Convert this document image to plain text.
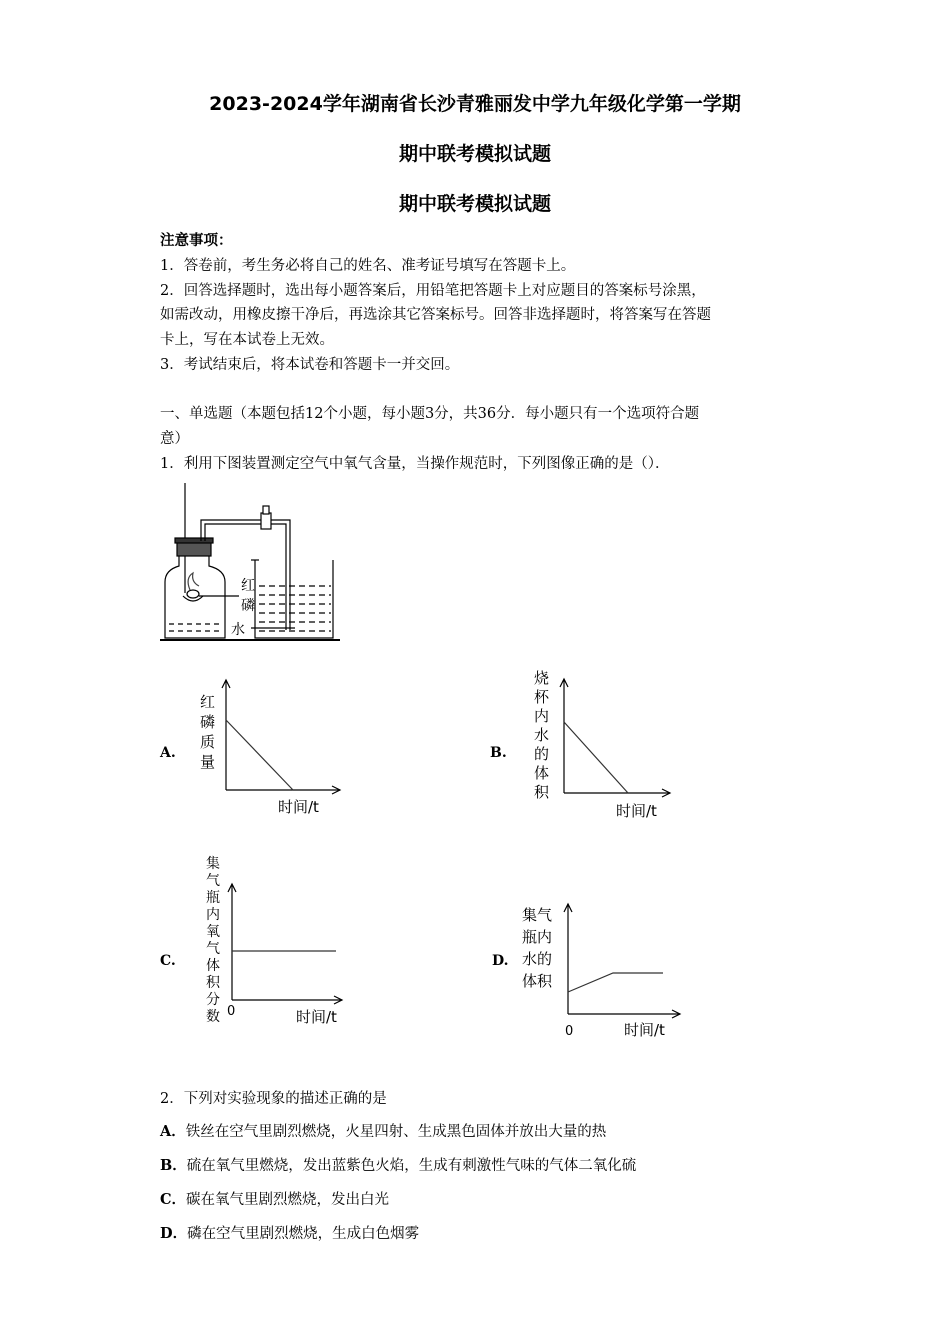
2023-2024学年湖南省长沙青雅丽发中学九年级化学第一学期
期中联考模拟试题
期中联考模拟试题
注意事项：
1．答卷前，考生务必将自己的姓名、准考证号填写在答题卡上。
2．回答选择题时，选出每小题答案后，用铅笔把答题卡上对应题目的答案标号涂黑，
如需改动，用橡皮擦干净后，再选涂其它答案标号。回答非选择题时，将答案写在答题
卡上，写在本试卷上无效。
3．考试结束后，将本试卷和答题卡一并交回。
一、单选题（本题包括12个小题，每小题3分，共36分．每小题只有一个选项符合题
意）
1．利用下图装置测定空气中氧气含量，当操作规范时，下列图像正确的是（）．
红
磷
水
A.
红
磷
质
量
时间/t
B.
烧
杯
内
水
的
体
积
时间/t
C.
集
气
瓶
内
氧
气
体
积
分
数 0	时间/t
D.
集气
瓶内
水的
体积
0	时间/t
2．下列对实验现象的描述正确的是
A．铁丝在空气里剧烈燃烧，火星四射、生成黑色固体并放出大量的热
B．硫在氧气里燃烧，发出蓝紫色火焰，生成有刺激性气味的气体二氧化硫
C．碳在氧气里剧烈燃烧，发出白光
D．磷在空气里剧烈燃烧，生成白色烟雾
